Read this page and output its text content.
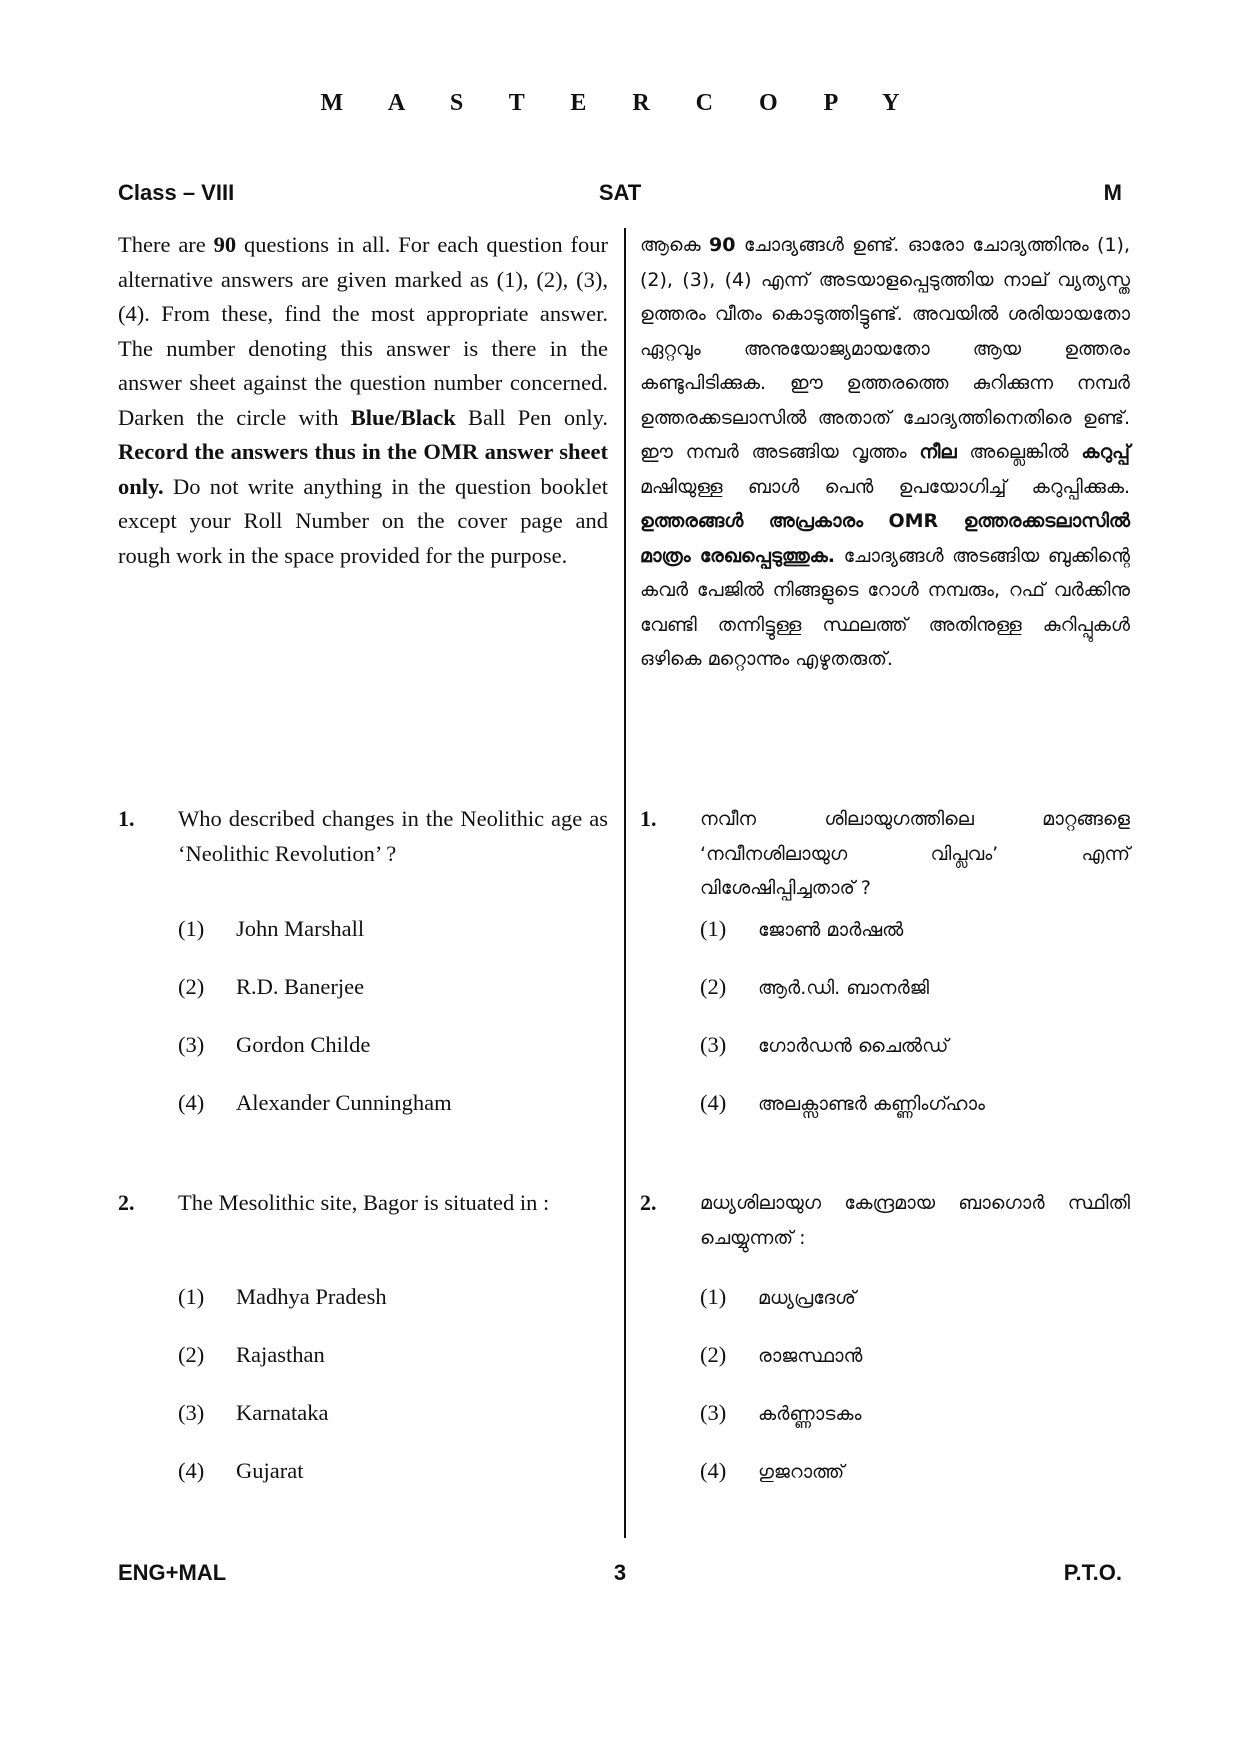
M A S T E R C O P Y
Class – VIII	SAT	M

There are 90 questions in all. For each question four alternative answers are given marked as (1), (2), (3), (4). From these, find the most appropriate answer. The number denoting this answer is there in the answer sheet against the question number concerned. Darken the circle with Blue/Black Ball Pen only. Record the answers thus in the OMR answer sheet only. Do not write anything in the question booklet except your Roll Number on the cover page and rough work in the space provided for the purpose.

1. Who described changes in the Neolithic age as ‘Neolithic Revolution’ ?
(1) John Marshall
(2) R.D. Banerjee
(3) Gordon Childe
(4) Alexander Cunningham
2. The Mesolithic site, Bagor is situated in :
(1) Madhya Pradesh
(2) Rajasthan
(3) Karnataka
(4) Gujarat

ആകെ 90 ചോദ്യങ്ങൾ ഉണ്ട്. ഓരോ ചോദ്യത്തിനും (1), (2), (3), (4) എന്ന് അടയാളപ്പെടുത്തിയ നാല് വ്യത്യസ്ത ഉത്തരം വീതം കൊടുത്തിട്ടുണ്ട്. അവയിൽ ശരിയായതോ ഏറ്റവും അനുയോജ്യമായതോ ആയ ഉത്തരം കണ്ടുപിടിക്കുക. ഈ ഉത്തരത്തെ കുറിക്കുന്ന നമ്പർ ഉത്തരക്കടലാസിൽ അതാത് ചോദ്യത്തിനെതിരെ ഉണ്ട്. ഈ നമ്പർ അടങ്ങിയ വൃത്തം നീല അല്ലെങ്കിൽ കറുപ്പ് മഷിയുള്ള ബാൾ പെൻ ഉപയോഗിച്ച് കറുപ്പിക്കുക. ഉത്തരങ്ങൾ അപ്രകാരം OMR ഉത്തരക്കടലാസിൽ മാത്രം രേഖപ്പെടുത്തുക. ചോദ്യങ്ങൾ അടങ്ങിയ ബുക്കിന്റെ കവർ പേജിൽ നിങ്ങളുടെ റോൾ നമ്പരും, റഫ് വർക്കിനു വേണ്ടി തന്നിട്ടുള്ള സ്ഥലത്ത് അതിനുള്ള കുറിപ്പുകൾ ഒഴികെ മറ്റൊന്നും എഴുതരുത്.

1. നവീന ശിലായുഗത്തിലെ മാറ്റങ്ങളെ ‘നവീനശിലായുഗ വിപ്ലവം’ എന്ന് വിശേഷിപ്പിച്ചതാര് ?
(1) ജോൺ മാർഷൽ
(2) ആർ.ഡി. ബാനർജി
(3) ഗോർഡൻ ചൈൽഡ്
(4) അലക്സാണ്ടർ കണ്ണിംഗ്ഹാം
2. മധ്യശിലായുഗ കേന്ദ്രമായ ബാഗൊർ സ്ഥിതി ചെയ്യുന്നത് :
(1) മധ്യപ്രദേശ്
(2) രാജസ്ഥാൻ
(3) കർണ്ണാടകം
(4) ഗുജറാത്ത്
ENG+MAL	3	P.T.O.
